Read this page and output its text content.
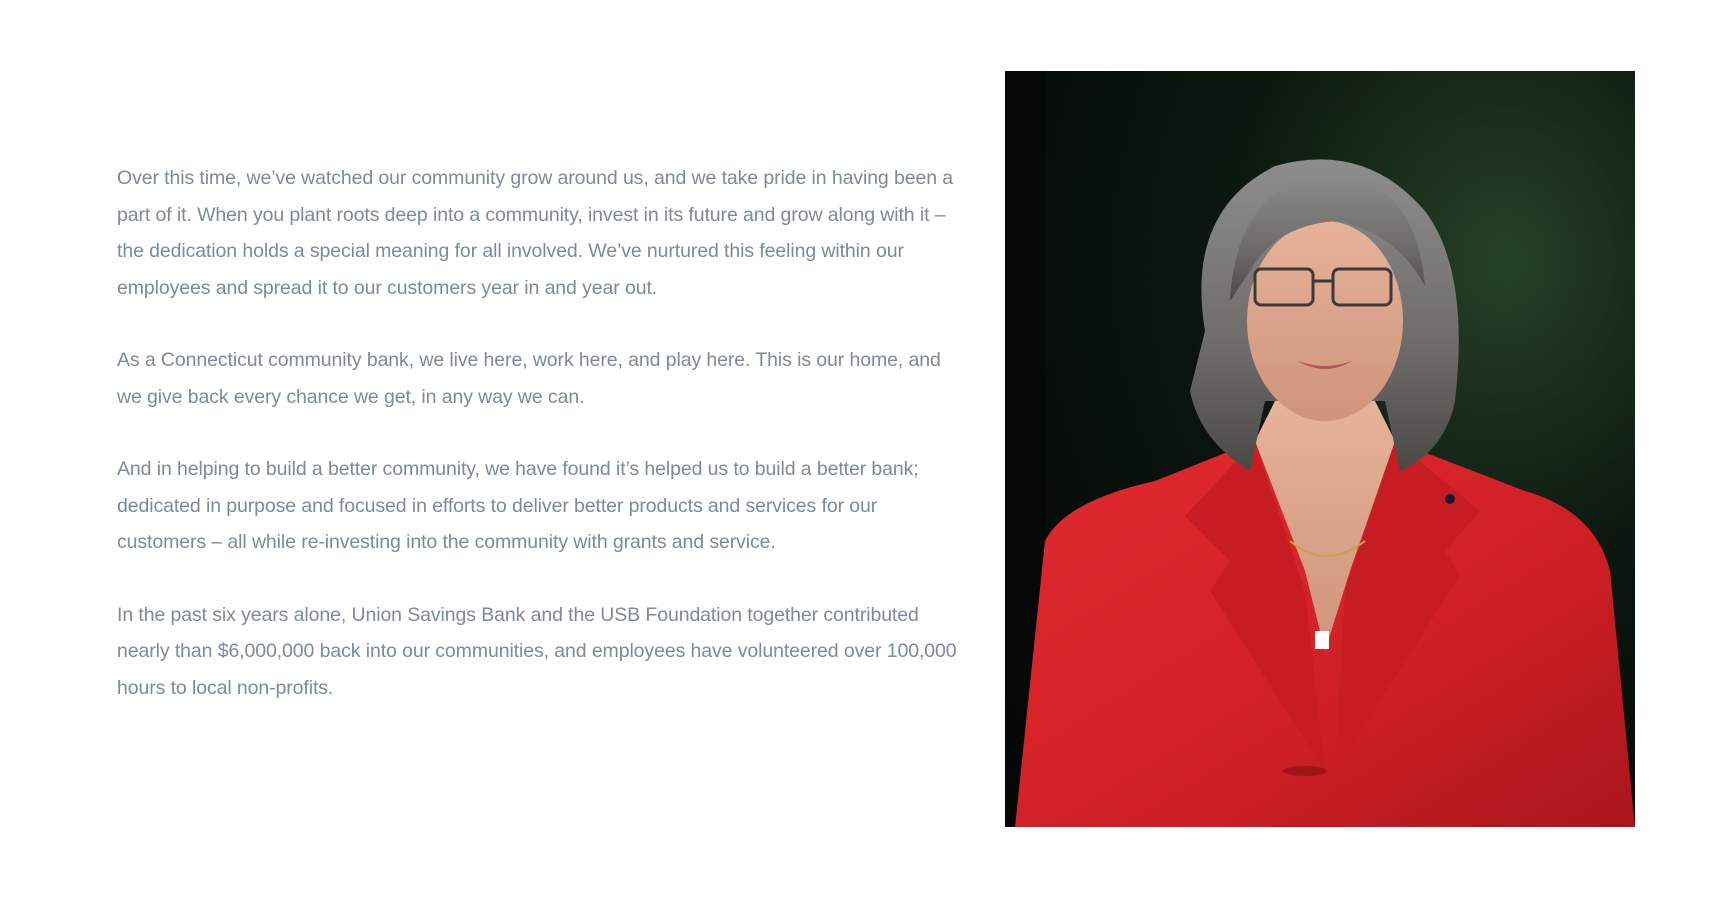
Over this time, we’ve watched our community grow around us, and we take pride in having been a part of it. When you plant roots deep into a community, invest in its future and grow along with it – the dedication holds a special meaning for all involved. We’ve nurtured this feeling within our employees and spread it to our customers year in and year out.

As a Connecticut community bank, we live here, work here, and play here. This is our home, and we give back every chance we get, in any way we can.

And in helping to build a better community, we have found it’s helped us to build a better bank; dedicated in purpose and focused in efforts to deliver better products and services for our customers – all while re-investing into the community with grants and service.

In the past six years alone, Union Savings Bank and the USB Foundation together contributed nearly than $6,000,000 back into our communities, and employees have volunteered over 100,000 hours to local non-profits.
